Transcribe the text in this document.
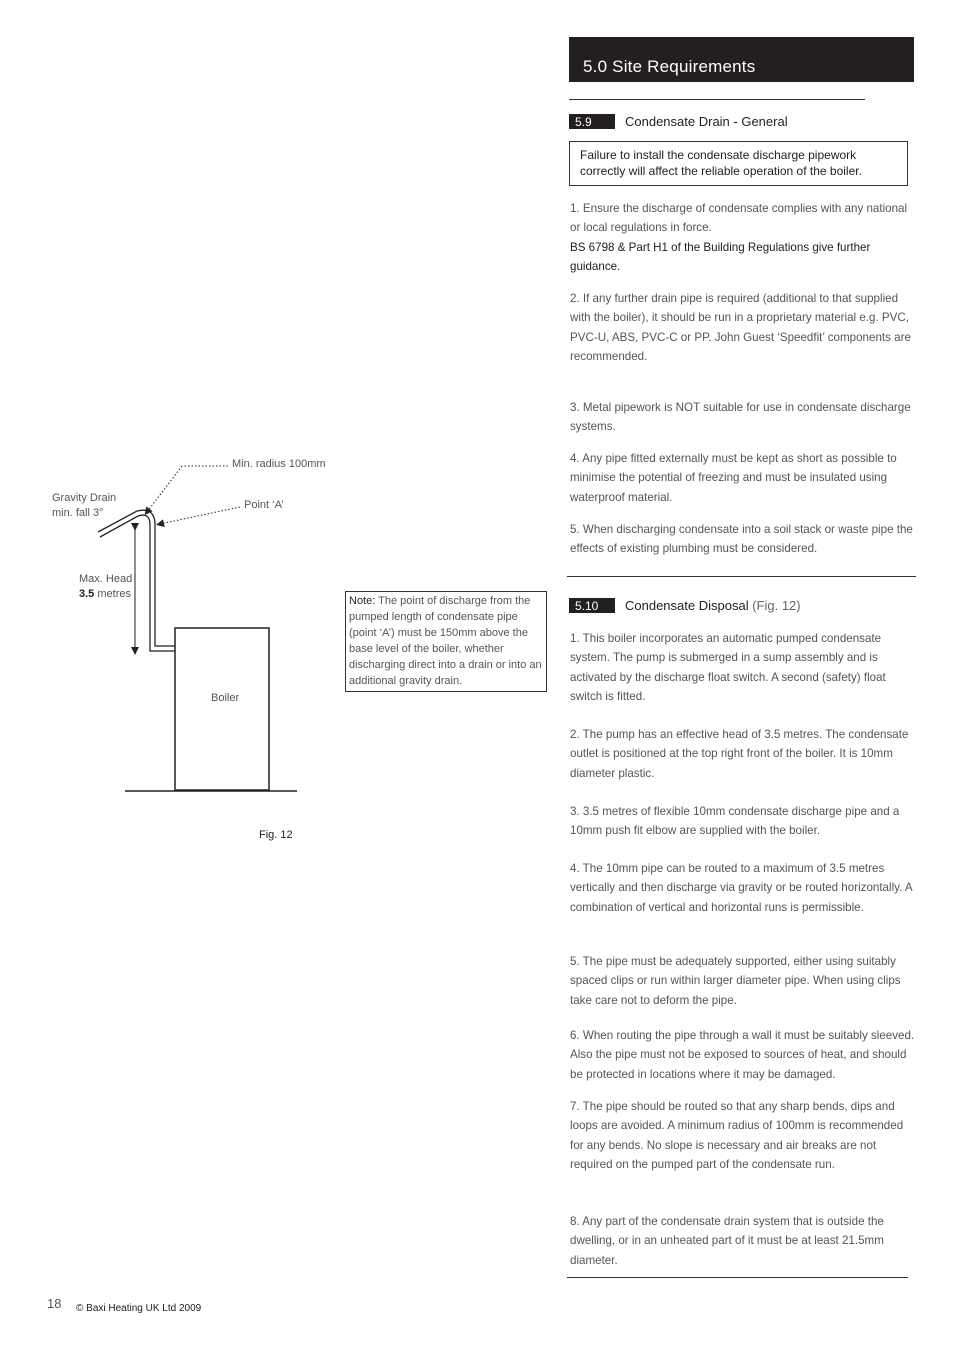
5.0 Site Requirements
5.9	Condensate Drain - General
Failure to install the condensate discharge pipework correctly will affect the reliable operation of the boiler.
1. Ensure the discharge of condensate complies with any national or local regulations in force.
BS 6798 & Part H1 of the Building Regulations give further guidance.
2. If any further drain pipe is required (additional to that supplied with the boiler), it should be run in a proprietary material e.g. PVC, PVC-U, ABS, PVC-C or PP. John Guest ‘Speedfit’ components are recommended.
3. Metal pipework is NOT suitable for use in condensate discharge systems.
4. Any pipe fitted externally must be kept as short as possible to minimise the potential of freezing and must be insulated using waterproof material.
5. When discharging condensate into a soil stack or waste pipe the effects of existing plumbing must be considered.
5.10	Condensate Disposal (Fig. 12)
1. This boiler incorporates an automatic pumped condensate system. The pump is submerged in a sump assembly and is activated by the discharge float switch. A second (safety) float switch is fitted.
2. The pump has an effective head of 3.5 metres. The condensate outlet is positioned at the top right front of the boiler. It is 10mm diameter plastic.
3. 3.5 metres of flexible 10mm condensate discharge pipe and a 10mm push fit elbow are supplied with the boiler.
4. The 10mm pipe can be routed to a maximum of 3.5 metres vertically and then discharge via gravity or be routed horizontally. A combination of vertical and horizontal runs is permissible.
5. The pipe must be adequately supported, either using suitably spaced clips or run within larger diameter pipe. When using clips take care not to deform the pipe.
6. When routing the pipe through a wall it must be suitably sleeved. Also the pipe must not be exposed to sources of heat, and should be protected in locations where it may be damaged.
7. The pipe should be routed so that any sharp bends, dips and loops are avoided. A minimum radius of 100mm is recommended for any bends. No slope is necessary and air breaks are not required on the pumped part of the condensate run.
8. Any part of the condensate drain system that is outside the dwelling, or in an unheated part of it must be at least 21.5mm diameter.
Min. radius 100mm
Gravity Drain
min. fall 3°
Point ‘A’
Max. Head
3.5 metres
Boiler
Fig. 12
Note: The point of discharge from the pumped length of condensate pipe (point ‘A’) must be 150mm above the base level of the boiler, whether discharging direct into a drain or into an additional gravity drain.
18 © Baxi Heating UK Ltd 2009
